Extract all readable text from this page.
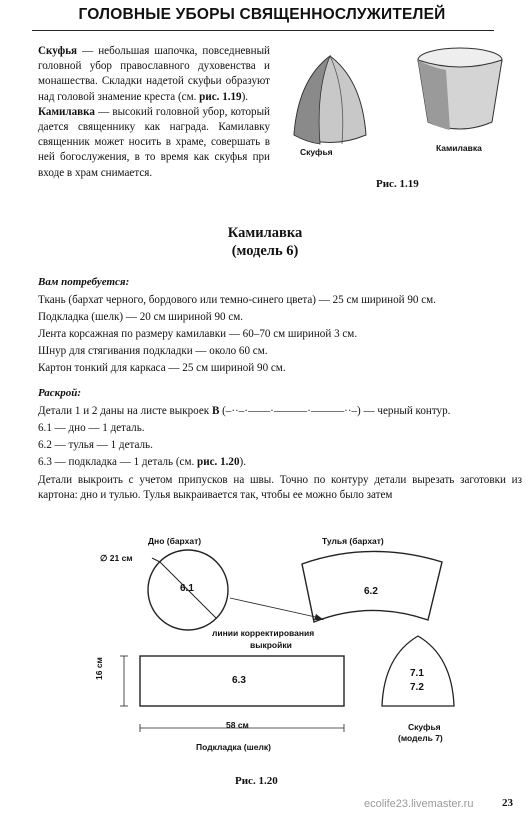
ГОЛОВНЫЕ УБОРЫ СВЯЩЕННОСЛУЖИТЕЛЕЙ

Скуфья — небольшая шапочка, повседневный головной убор православного духовенства и монашества. Складки надетой скуфьи образуют над головой знамение креста (см. рис. 1.19).

Камилавка — высокий головной убор, который дается священнику как награда. Камилавку священник может носить в храме, совершать в ней богослужения, в то время как скуфья при входе в храм снимается.

Скуфья	Камилавка
Рис. 1.19
Камилавка
(модель 6)
Вам потребуется:
Ткань (бархат черного, бордового или темно-синего цвета) — 25 см шириной 90 см.
Подкладка (шелк) — 20 см шириной 90 см.
Лента корсажная по размеру камилавки — 60–70 см шириной 3 см.
Шнур для стягивания подкладки — около 60 см.
Картон тонкий для каркаса — 25 см шириной 90 см.
Раскрой:
Детали 1 и 2 даны на листе выкроек В (–··–·––––·––––––·––––––··–) — черный контур.
6.1 — дно — 1 деталь.
6.2 — тулья — 1 деталь.
6.3 — подкладка — 1 деталь (см. рис. 1.20).
Детали выкроить с учетом припусков на швы. Точно по контуру детали вырезать заготовки из картона: дно и тулью. Тулья выкраивается так, чтобы ее можно было затем
Дно (бархат)
∅ 21 см
6.1
Тулья (бархат)
6.2
линии корректирования
выкройки
16 см
6.3
58 см
Подкладка (шелк)
7.1
7.2
Скуфья
(модель 7)
Рис. 1.20
ecolife23.livemaster.ru	23
